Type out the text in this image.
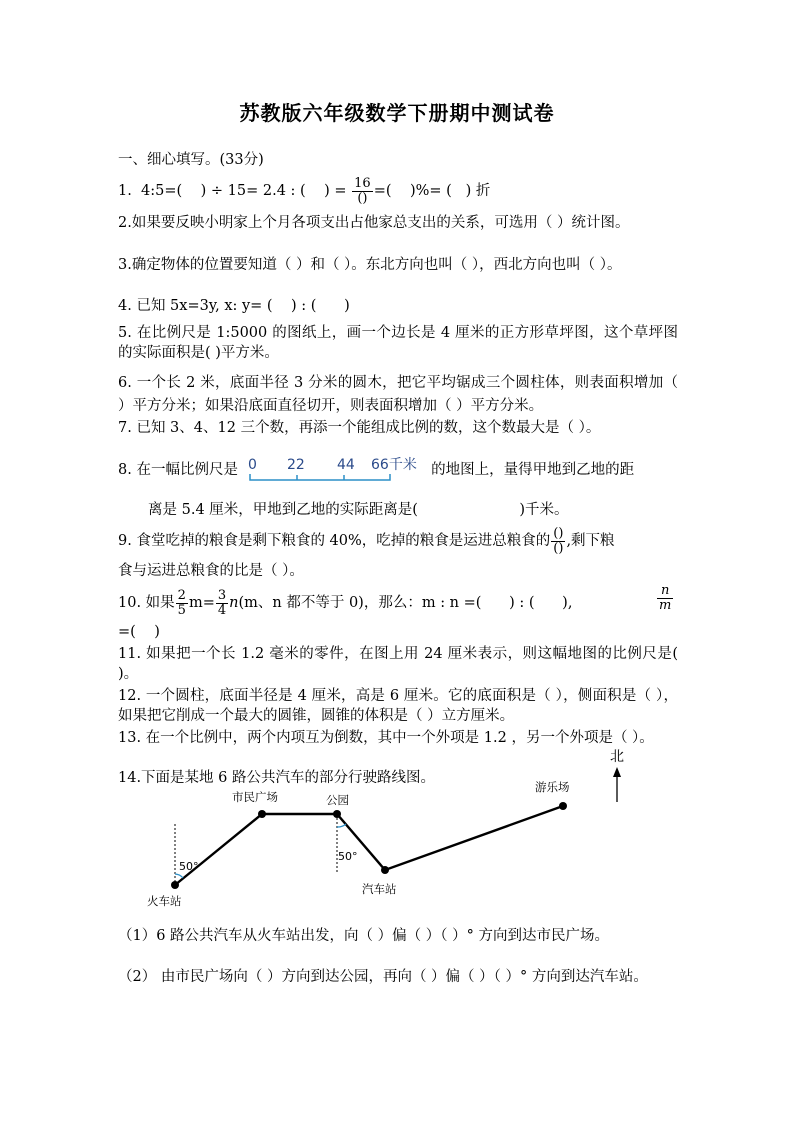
苏教版六年级数学下册期中测试卷
一、细心填写。(33分)
1.  4:5=(    ) ÷ 15= 2.4 : (    ) = $\frac{16}{()}$ =(    )%= (   ) 折
2.如果要反映小明家上个月各项支出占他家总支出的关系，可选用（ ）统计图。
3.确定物体的位置要知道（ ）和（ ）。东北方向也叫（ ），西北方向也叫（ ）。
4. 已知 5x=3y, x: y= (    ) : (      )
5. 在比例尺是 1:5000 的图纸上，画一个边长是 4 厘米的正方形草坪图，这个草坪图的实际面积是( )平方米。
6. 一个长 2 米，底面半径 3 分米的圆木，把它平均锯成三个圆柱体，则表面积增加（ ）平方分米；如果沿底面直径切开，则表面积增加（ ）平方分米。
7. 已知 3、4、12 三个数，再添一个能组成比例的数，这个数最大是（ ）。
8. 在一幅比例尺是 0 22 44 66千米 的地图上，量得甲地到乙地的距
离是 5.4 厘米，甲地到乙地的实际距离是(                      )千米。
9. 食堂吃掉的粮食是剩下粮食的 40%，吃掉的粮食是运进总粮食的 $\frac{()}{()}$ ,剩下粮
食与运进总粮食的比是（ ）。
10. 如果 $\frac{2}{5} m= \frac{3}{4} n(m$、n 都不等于 0)，那么：m : n =(      ) : (      ),	$\frac{n}{m}$
=(    )
11. 如果把一个长 1.2 毫米的零件，在图上用 24 厘米表示，则这幅地图的比例尺是( )。
12. 一个圆柱，底面半径是 4 厘米，高是 6 厘米。它的底面积是（ ），侧面积是（ ），如果把它削成一个最大的圆锥，圆锥的体积是（ ）立方厘米。
13. 在一个比例中，两个内项互为倒数，其中一个外项是 1.2 ，另一个外项是（ ）。
14.下面是某地 6 路公共汽车的部分行驶路线图。
北
火车站
市民广场	公园
汽车站
游乐场
50°
50°
（1）6 路公共汽车从火车站出发，向（ ）偏（ ）（ ）° 方向到达市民广场。
（2） 由市民广场向（ ）方向到达公园，再向（ ）偏（ ）（ ）° 方向到达汽车站。
